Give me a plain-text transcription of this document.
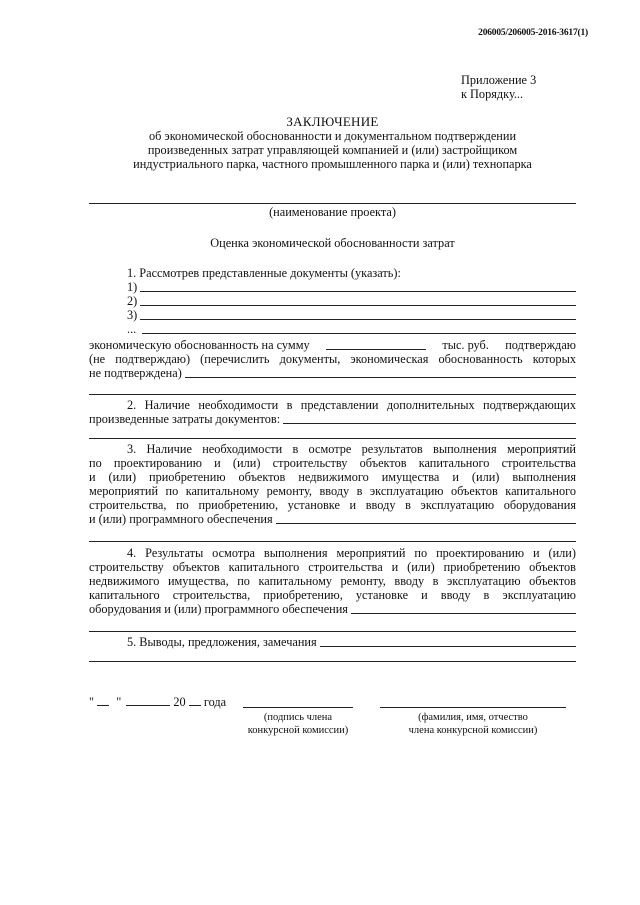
206005/206005-2016-3617(1)
Приложение 3
к Порядку...
ЗАКЛЮЧЕНИЕ
об экономической обоснованности и документальном подтверждении
произведенных затрат управляющей компанией и (или) застройщиком
индустриального парка, частного промышленного парка и (или) технопарка
(наименование проекта)
Оценка экономической обоснованности затрат
1. Рассмотрев представленные документы (указать):
1)
2)
3)
...
экономическую обоснованность на сумму	тыс. руб. подтверждаю
(не подтверждаю) (перечислить документы, экономическая обоснованность которых
не подтверждена)
2. Наличие необходимости в представлении дополнительных подтверждающих
произведенные затраты документов:
3. Наличие необходимости в осмотре результатов выполнения мероприятий
по проектированию и (или) строительству объектов капитального строительства
и (или) приобретению объектов недвижимого имущества и (или) выполнения
мероприятий по капитальному ремонту, вводу в эксплуатацию объектов капитального
строительства, по приобретению, установке и вводу в эксплуатацию оборудования
и (или) программного обеспечения
4. Результаты осмотра выполнения мероприятий по проектированию и (или)
строительству объектов капитального строительства и (или) приобретению объектов
недвижимого имущества, по капитальному ремонту, вводу в эксплуатацию объектов
капитального строительства, приобретению, установке и вводу в эксплуатацию
оборудования и (или) программного обеспечения
5. Выводы, предложения, замечания
" "	20 года
(подпись члена
конкурсной комиссии)
(фамилия, имя, отчество
члена конкурсной комиссии)
